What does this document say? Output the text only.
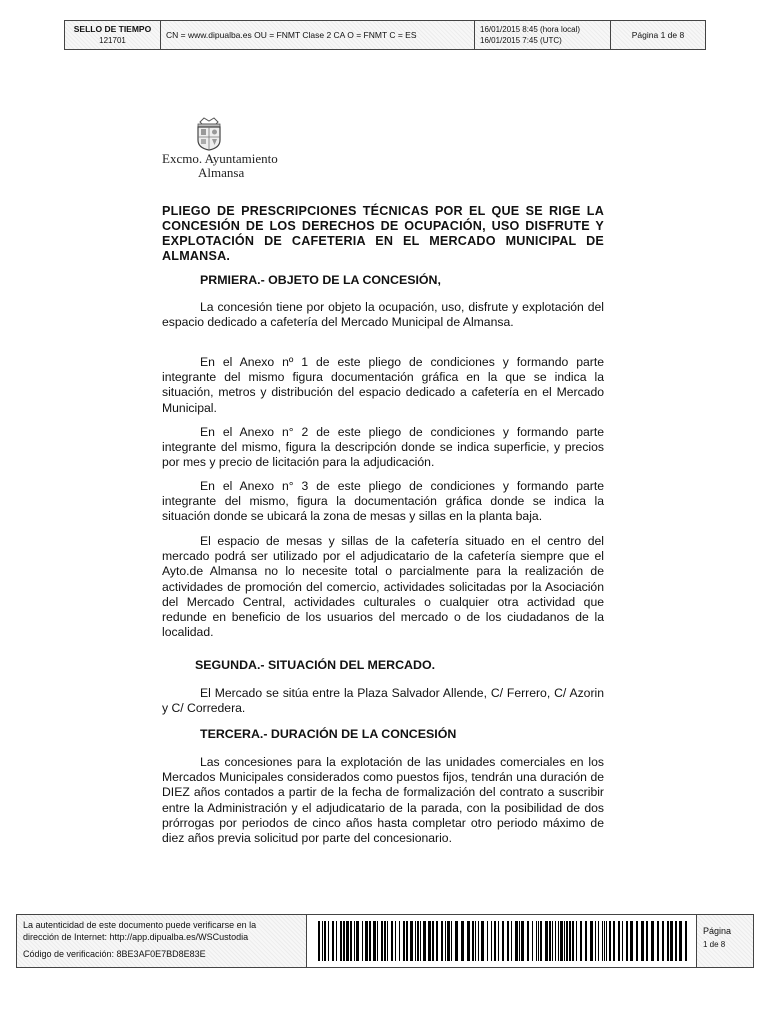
SELLO DE TIEMPO
121701
CN = www.dipualba.es OU = FNMT Clase 2 CA O = FNMT C = ES	16/01/2015 8:45 (hora local)
16/01/2015 7:45 (UTC)
Página 1 de 8
Excmo. Ayuntamiento
Almansa
PLIEGO DE PRESCRIPCIONES TÉCNICAS POR EL QUE SE RIGE LA CONCESIÓN DE LOS DERECHOS DE OCUPACIÓN, USO DISFRUTE Y EXPLOTACIÓN DE CAFETERIA EN EL MERCADO MUNICIPAL DE ALMANSA.
PRMIERA.- OBJETO DE LA CONCESIÓN,
La concesión tiene por objeto la ocupación, uso, disfrute y explotación del espacio dedicado a cafetería del Mercado Municipal de Almansa.
En el Anexo nº 1 de este pliego de condiciones y formando parte integrante del mismo figura documentación gráfica en la que se indica la situación, metros y distribución del espacio dedicado a cafetería en el Mercado Municipal.
En el Anexo n° 2 de este pliego de condiciones y formando parte integrante del mismo, figura la descripción donde se indica superficie, y precios por mes y precio de licitación para la adjudicación.
En el Anexo n° 3 de este pliego de condiciones y formando parte integrante del mismo, figura la documentación gráfica donde se indica la situación donde se ubicará la zona de mesas y sillas en la planta baja.
El espacio de mesas y sillas de la cafetería situado en el centro del mercado podrá ser utilizado por el adjudicatario de la cafetería siempre que el Ayto.de Almansa no lo necesite total o parcialmente para la realización de actividades de promoción del comercio, actividades solicitadas por la Asociación del Mercado Central, actividades culturales o cualquier otra actividad que redunde en beneficio de los usuarios del mercado o de los ciudadanos de la localidad.
SEGUNDA.- SITUACIÓN DEL MERCADO.
El Mercado se sitúa entre la Plaza Salvador Allende, C/ Ferrero, C/ Azorin y C/ Corredera.
TERCERA.- DURACIÓN DE LA CONCESIÓN
Las concesiones para la explotación de las unidades comerciales en los Mercados Municipales considerados como puestos fijos, tendrán una duración de DIEZ años contados a partir de la fecha de formalización del contrato a suscribir entre la Administración y el adjudicatario de la parada, con la posibilidad de dos prórrogas por periodos de cinco años hasta completar otro periodo máximo de diez años previa solicitud por parte del concesionario.
La autenticidad de este documento puede verificarse en la
dirección de Internet: http://app.dipualba.es/WSCustodia
Código de verificación: 8BE3AF0E7BD8E83E
Página
1 de 8
